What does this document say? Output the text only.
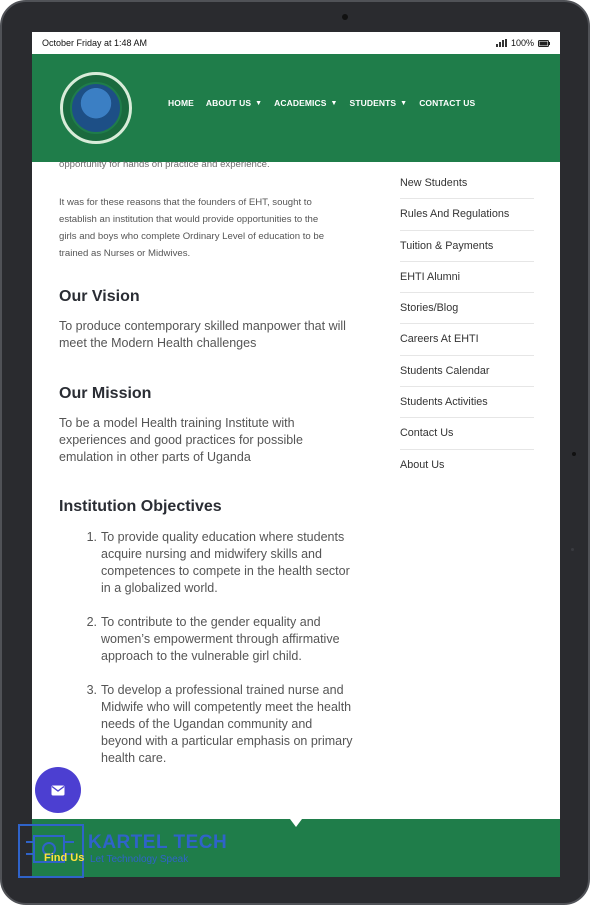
October Friday at 1:48 AM	100%
HOME ABOUT US ▼ ACADEMICS ▼ STUDENTS ▼ CONTACT US
opportunity for hands on practice and experience.
It was for these reasons that the founders of EHT, sought to
establish an institution that would provide opportunities to the
girls and boys who complete Ordinary Level of education to be
trained as Nurses or Midwives.
Our Vision
To produce contemporary skilled manpower that will
meet the Modern Health challenges
Our Mission
To be a model Health training Institute with
experiences and good practices for possible
emulation in other parts of Uganda
Institution Objectives
1. To provide quality education where students
acquire nursing and midwifery skills and
competences to compete in the health sector
in a globalized world.
2. To contribute to the gender equality and
women’s empowerment through affirmative
approach to the vulnerable girl child.
3. To develop a professional trained nurse and
Midwife who will competently meet the health
needs of the Ugandan community and
beyond with a particular emphasis on primary
health care.
New Students
Rules And Regulations
Tuition & Payments
EHTI Alumni
Stories/Blog
Careers At EHTI
Students Calendar
Students Activities
Contact Us
About Us
KARTEL TECH
Let Technology Speak
Find Us
